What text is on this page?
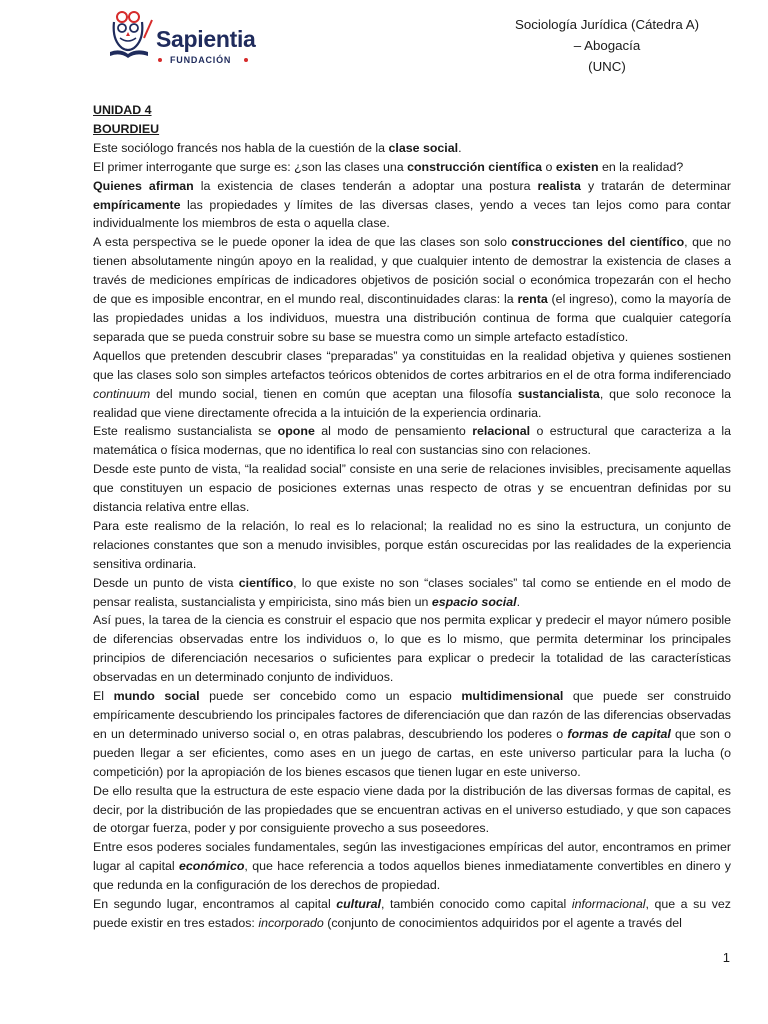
Sapientia
FUNDACIÓN
Sociología Jurídica (Cátedra A)
– Abogacía
(UNC)

UNIDAD 4

BOURDIEU

Este sociólogo francés nos habla de la cuestión de la clase social.

El primer interrogante que surge es: ¿son las clases una construcción científica o existen en la realidad?

Quienes afirman la existencia de clases tenderán a adoptar una postura realista y tratarán de determinar empíricamente las propiedades y límites de las diversas clases, yendo a veces tan lejos como para contar individualmente los miembros de esta o aquella clase.

A esta perspectiva se le puede oponer la idea de que las clases son solo construcciones del científico, que no tienen absolutamente ningún apoyo en la realidad, y que cualquier intento de demostrar la existencia de clases a través de mediciones empíricas de indicadores objetivos de posición social o económica tropezarán con el hecho de que es imposible encontrar, en el mundo real, discontinuidades claras: la renta (el ingreso), como la mayoría de las propiedades unidas a los individuos, muestra una distribución continua de forma que cualquier categoría separada que se pueda construir sobre su base se muestra como un simple artefacto estadístico.

Aquellos que pretenden descubrir clases “preparadas” ya constituidas en la realidad objetiva y quienes sostienen que las clases solo son simples artefactos teóricos obtenidos de cortes arbitrarios en el de otra forma indiferenciado continuum del mundo social, tienen en común que aceptan una filosofía sustancialista, que solo reconoce la realidad que viene directamente ofrecida a la intuición de la experiencia ordinaria.

Este realismo sustancialista se opone al modo de pensamiento relacional o estructural que caracteriza a la matemática o física modernas, que no identifica lo real con sustancias sino con relaciones.

Desde este punto de vista, “la realidad social” consiste en una serie de relaciones invisibles, precisamente aquellas que constituyen un espacio de posiciones externas unas respecto de otras y se encuentran definidas por su distancia relativa entre ellas.

Para este realismo de la relación, lo real es lo relacional; la realidad no es sino la estructura, un conjunto de relaciones constantes que son a menudo invisibles, porque están oscurecidas por las realidades de la experiencia sensitiva ordinaria.

Desde un punto de vista científico, lo que existe no son “clases sociales” tal como se entiende en el modo de pensar realista, sustancialista y empiricista, sino más bien un espacio social.

Así pues, la tarea de la ciencia es construir el espacio que nos permita explicar y predecir el mayor número posible de diferencias observadas entre los individuos o, lo que es lo mismo, que permita determinar los principales principios de diferenciación necesarios o suficientes para explicar o predecir la totalidad de las características observadas en un determinado conjunto de individuos.

El mundo social puede ser concebido como un espacio multidimensional que puede ser construido empíricamente descubriendo los principales factores de diferenciación que dan razón de las diferencias observadas en un determinado universo social o, en otras palabras, descubriendo los poderes o formas de capital que son o pueden llegar a ser eficientes, como ases en un juego de cartas, en este universo particular para la lucha (o competición) por la apropiación de los bienes escasos que tienen lugar en este universo.

De ello resulta que la estructura de este espacio viene dada por la distribución de las diversas formas de capital, es decir, por la distribución de las propiedades que se encuentran activas en el universo estudiado, y que son capaces de otorgar fuerza, poder y por consiguiente provecho a sus poseedores.

Entre esos poderes sociales fundamentales, según las investigaciones empíricas del autor, encontramos en primer lugar al capital económico, que hace referencia a todos aquellos bienes inmediatamente convertibles en dinero y que redunda en la configuración de los derechos de propiedad.

En segundo lugar, encontramos al capital cultural, también conocido como capital informacional, que a su vez puede existir en tres estados: incorporado (conjunto de conocimientos adquiridos por el agente a través del

1
